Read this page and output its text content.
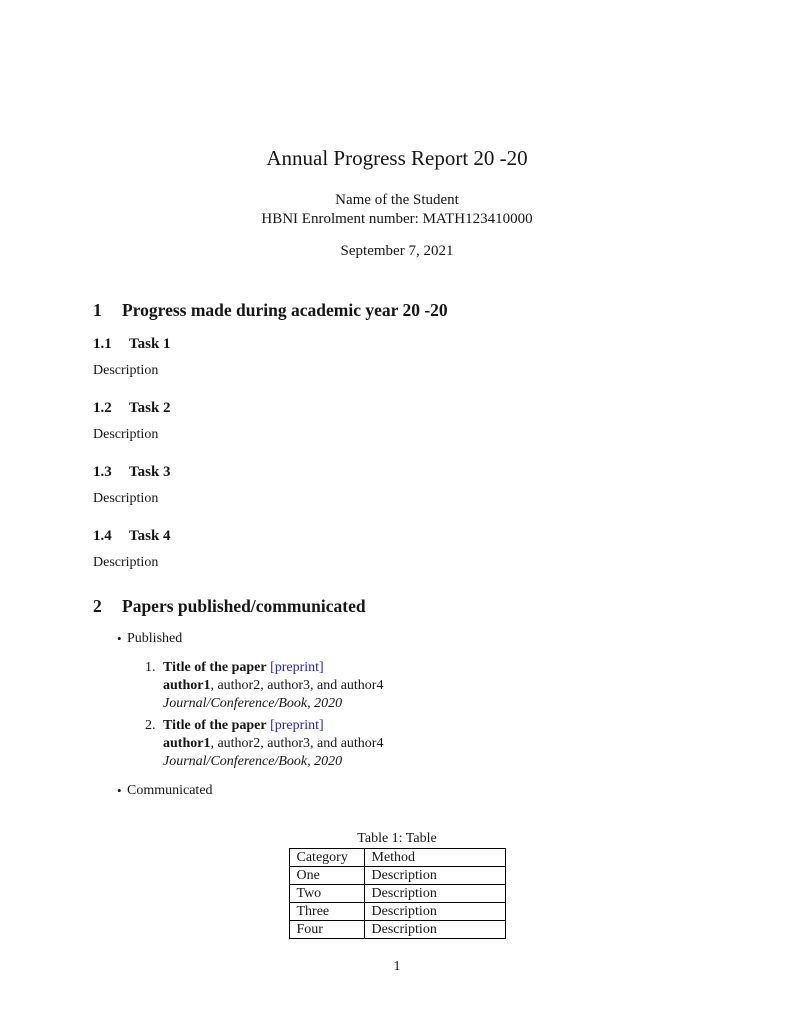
Annual Progress Report 20 -20

Name of the Student

HBNI Enrolment number: MATH123410000

September 7, 2021

1	Progress made during academic year 20 -20
1.1	Task 1

Description

1.2	Task 2

Description

1.3	Task 3

Description

1.4	Task 4

Description

2	Papers published/communicated
• Published
1. Title of the paper [preprint]
author1, author2, author3, and author4
Journal/Conference/Book, 2020
2. Title of the paper [preprint]
author1, author2, author3, and author4
Journal/Conference/Book, 2020
• Communicated
Table 1: Table
Category	Method
One	Description
Two	Description
Three	Description
Four	Description
1
